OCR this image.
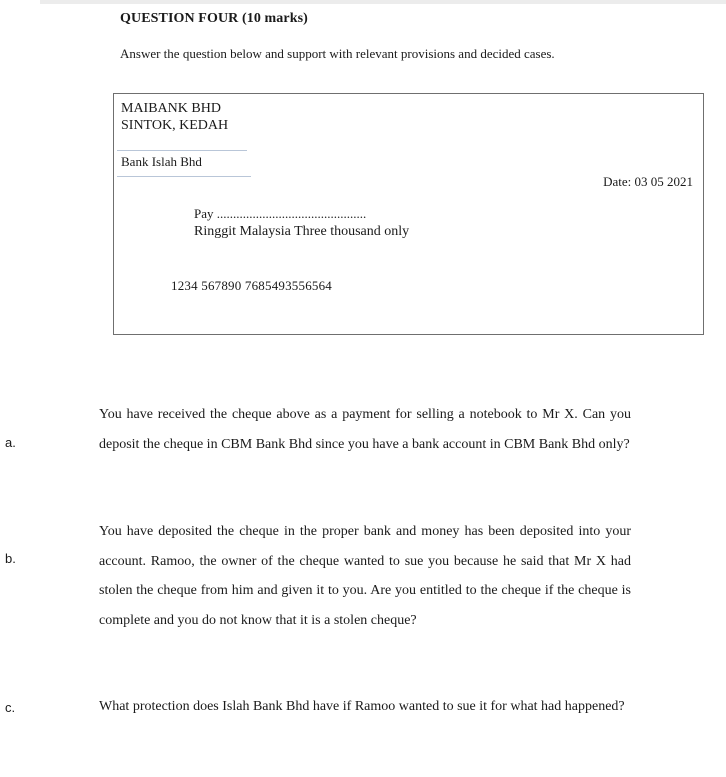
QUESTION FOUR (10 marks)
Answer the question below and support with relevant provisions and decided cases.
MAIBANK BHD
SINTOK, KEDAH
Bank Islah Bhd
Date: 03 05 2021
Pay ..............................................
Ringgit Malaysia Three thousand only
1234 567890 7685493556564
a.
You have received the cheque above as a payment for selling a notebook to Mr X. Can you deposit the cheque in CBM Bank Bhd since you have a bank account in CBM Bank Bhd only?
b.
You have deposited the cheque in the proper bank and money has been deposited into your account. Ramoo, the owner of the cheque wanted to sue you because he said that Mr X had stolen the cheque from him and given it to you. Are you entitled to the cheque if the cheque is complete and you do not know that it is a stolen cheque?
c.	What protection does Islah Bank Bhd have if Ramoo wanted to sue it for what had happened?
